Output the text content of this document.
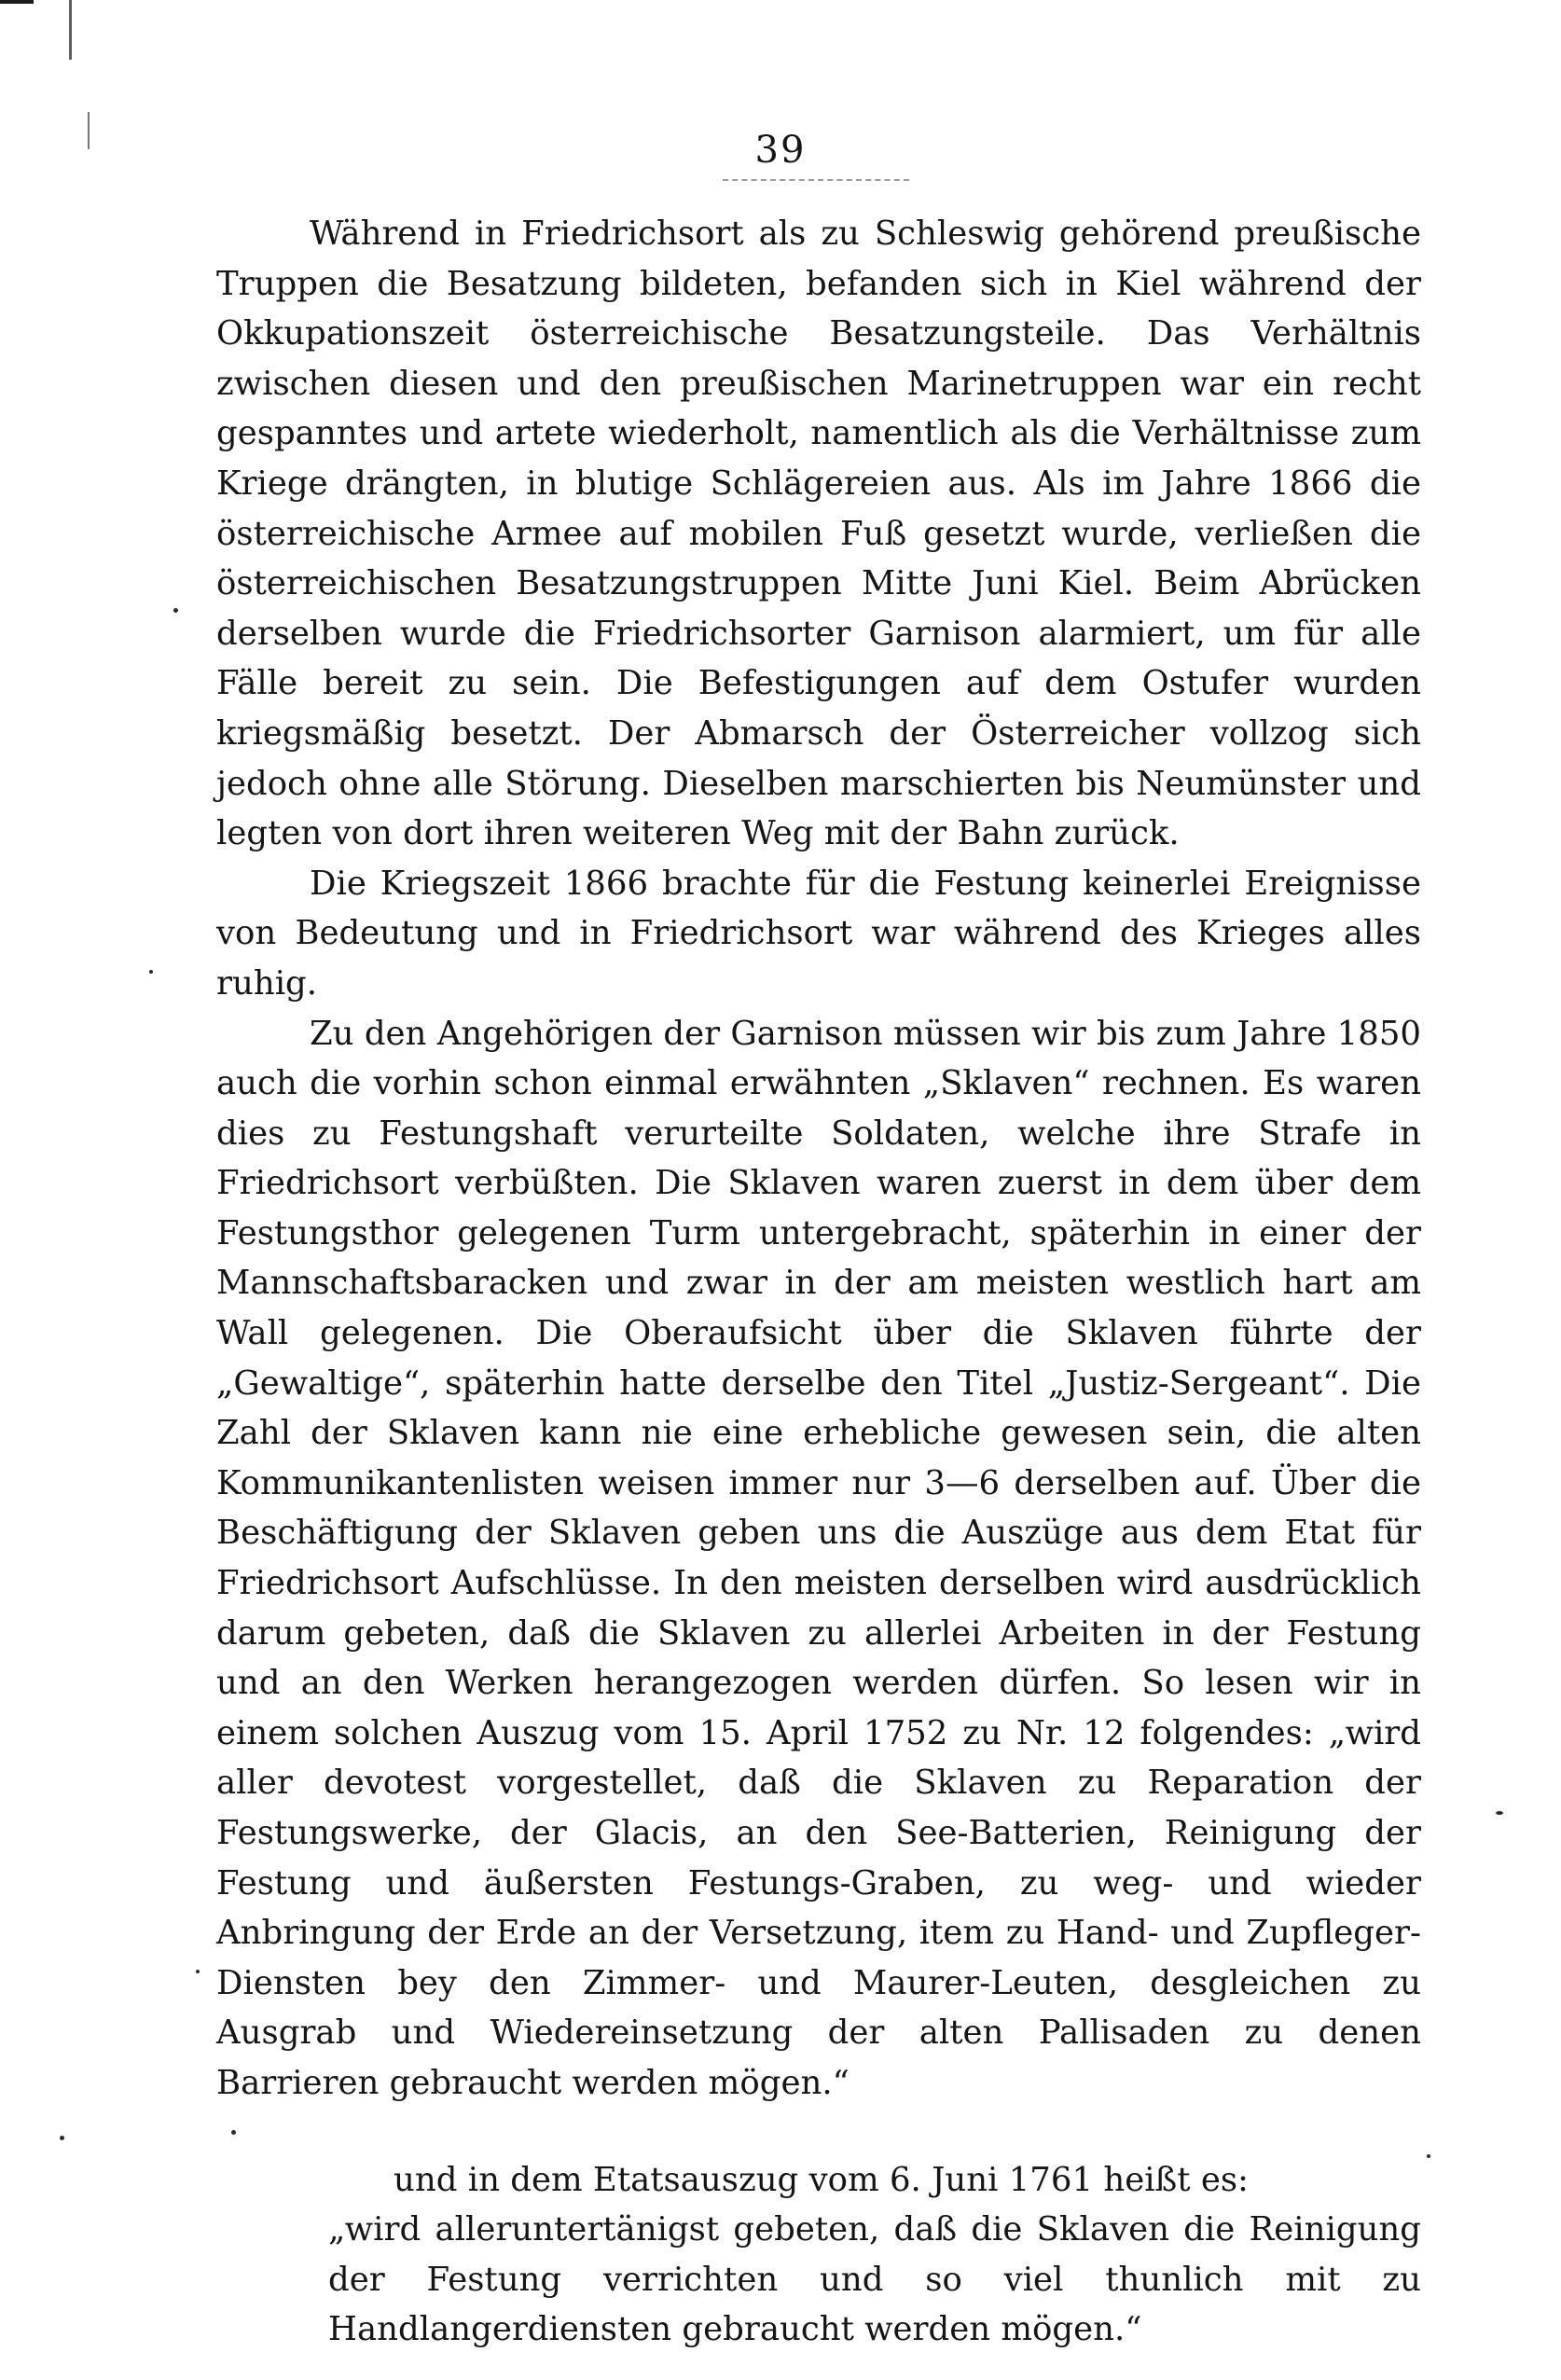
39

Während in Friedrichsort als zu Schleswig gehörend preußische Truppen die Besatzung bildeten, befanden sich in Kiel während der Okkupationszeit österreichische Besatzungsteile. Das Verhältnis zwischen diesen und den preußischen Marinetruppen war ein recht gespanntes und artete wiederholt, namentlich als die Verhältnisse zum Kriege drängten, in blutige Schlägereien aus. Als im Jahre 1866 die österreichische Armee auf mobilen Fuß gesetzt wurde, verließen die österreichischen Besatzungstruppen Mitte Juni Kiel. Beim Abrücken derselben wurde die Friedrichsorter Garnison alarmiert, um für alle Fälle bereit zu sein. Die Befestigungen auf dem Ostufer wurden kriegsmäßig besetzt. Der Abmarsch der Österreicher vollzog sich jedoch ohne alle Störung. Dieselben marschierten bis Neumünster und legten von dort ihren weiteren Weg mit der Bahn zurück.

Die Kriegszeit 1866 brachte für die Festung keinerlei Ereignisse von Bedeutung und in Friedrichsort war während des Krieges alles ruhig.

Zu den Angehörigen der Garnison müssen wir bis zum Jahre 1850 auch die vorhin schon einmal erwähnten „Sklaven“ rechnen. Es waren dies zu Festungshaft verurteilte Soldaten, welche ihre Strafe in Friedrichsort verbüßten. Die Sklaven waren zuerst in dem über dem Festungsthor gelegenen Turm untergebracht, späterhin in einer der Mannschaftsbaracken und zwar in der am meisten westlich hart am Wall gelegenen. Die Oberaufsicht über die Sklaven führte der „Gewaltige“, späterhin hatte derselbe den Titel „Justiz-Sergeant“. Die Zahl der Sklaven kann nie eine erhebliche gewesen sein, die alten Kommunikantenlisten weisen immer nur 3—6 derselben auf. Über die Beschäftigung der Sklaven geben uns die Auszüge aus dem Etat für Friedrichsort Aufschlüsse. In den meisten derselben wird ausdrücklich darum gebeten, daß die Sklaven zu allerlei Arbeiten in der Festung und an den Werken herangezogen werden dürfen. So lesen wir in einem solchen Auszug vom 15. April 1752 zu Nr. 12 folgendes: „wird aller devotest vorgestellet, daß die Sklaven zu Reparation der Festungswerke, der Glacis, an den See-Batterien, Reinigung der Festung und äußersten Festungs-Graben, zu weg- und wieder Anbringung der Erde an der Versetzung, item zu Hand- und Zupfleger-Diensten bey den Zimmer- und Maurer-Leuten, desgleichen zu Ausgrab und Wiedereinsetzung der alten Pallisaden zu denen Barrieren gebraucht werden mögen.“

und in dem Etatsauszug vom 6. Juni 1761 heißt es:

„wird alleruntertänigst gebeten, daß die Sklaven die Reinigung der Festung verrichten und so viel thunlich mit zu Handlangerdiensten gebraucht werden mögen.“
